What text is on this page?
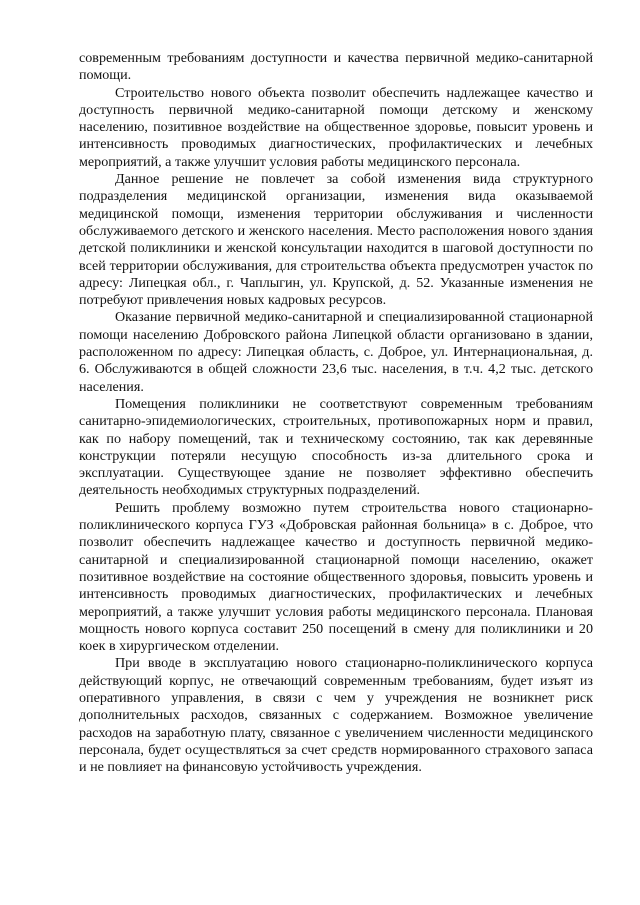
современным требованиям доступности и качества первичной медико-санитарной помощи.

Строительство нового объекта позволит обеспечить надлежащее качество и доступность первичной медико-санитарной помощи детскому и женскому населению, позитивное воздействие на общественное здоровье, повысит уровень и интенсивность проводимых диагностических, профилактических и лечебных мероприятий, а также улучшит условия работы медицинского персонала.

Данное решение не повлечет за собой изменения вида структурного подразделения медицинской организации, изменения вида оказываемой медицинской помощи, изменения территории обслуживания и численности обслуживаемого детского и женского населения. Место расположения нового здания детской поликлиники и женской консультации находится в шаговой доступности по всей территории обслуживания, для строительства объекта предусмотрен участок по адресу: Липецкая обл., г. Чаплыгин, ул. Крупской, д. 52. Указанные изменения не потребуют привлечения новых кадровых ресурсов.

Оказание первичной медико-санитарной и специализированной стационарной помощи населению Добровского района Липецкой области организовано в здании, расположенном по адресу: Липецкая область, с. Доброе, ул. Интернациональная, д. 6. Обслуживаются в общей сложности 23,6 тыс. населения, в т.ч. 4,2 тыс. детского населения.

Помещения поликлиники не соответствуют современным требованиям санитарно-эпидемиологических, строительных, противопожарных норм и правил, как по набору помещений, так и техническому состоянию, так как деревянные конструкции потеряли несущую способность из-за длительного срока и эксплуатации. Существующее здание не позволяет эффективно обеспечить деятельность необходимых структурных подразделений.

Решить проблему возможно путем строительства нового стационарно-поликлинического корпуса ГУЗ «Добровская районная больница» в с. Доброе, что позволит обеспечить надлежащее качество и доступность первичной медико-санитарной и специализированной стационарной помощи населению, окажет позитивное воздействие на состояние общественного здоровья, повысить уровень и интенсивность проводимых диагностических, профилактических и лечебных мероприятий, а также улучшит условия работы медицинского персонала. Плановая мощность нового корпуса составит 250 посещений в смену для поликлиники и 20 коек в хирургическом отделении.

При вводе в эксплуатацию нового стационарно-поликлинического корпуса действующий корпус, не отвечающий современным требованиям, будет изъят из оперативного управления, в связи с чем у учреждения не возникнет риск дополнительных расходов, связанных с содержанием. Возможное увеличение расходов на заработную плату, связанное с увеличением численности медицинского персонала, будет осуществляться за счет средств нормированного страхового запаса и не повлияет на финансовую устойчивость учреждения.
